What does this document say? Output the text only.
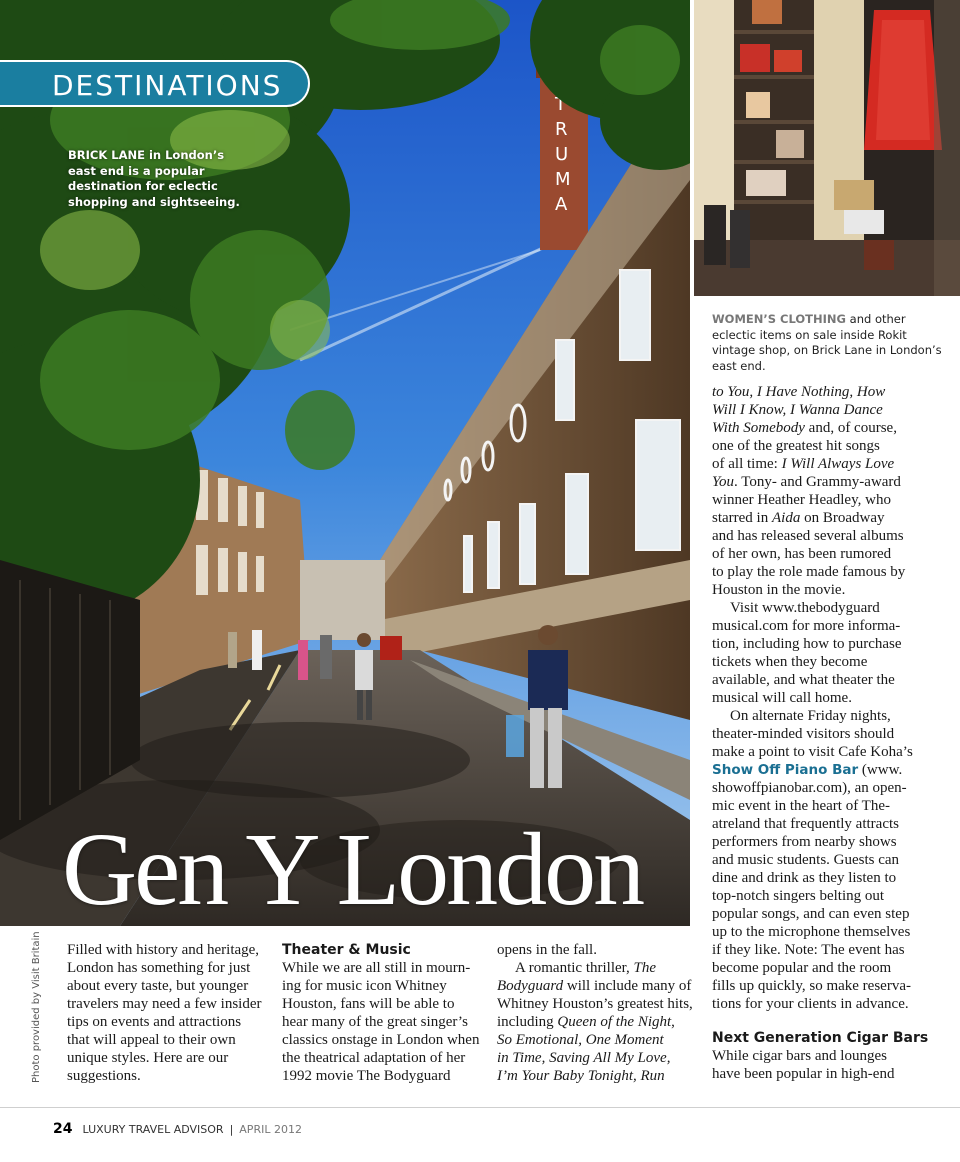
T
R
U
M
A
DESTINATIONS
BRICK LANE in London’s east end is a popular destination for eclectic shopping and sightseeing.
Gen Y London
WOMEN’S CLOTHING and other eclectic items on sale inside Rokit vintage shop, on Brick Lane in London’s east end.

Filled with history and heritage,
London has something for just
about every taste, but younger
travelers may need a few insider
tips on events and attractions
that will appeal to their own
unique styles. Here are our
suggestions.

Theater & Music

While we are all still in mourn-
ing for music icon Whitney
Houston, fans will be able to
hear many of the great singer’s
classics onstage in London when
the theatrical adaptation of her
1992 movie The Bodyguard

opens in the fall.
A romantic thriller, The
Bodyguard will include many of
Whitney Houston’s greatest hits,
including Queen of the Night,
So Emotional, One Moment
in Time, Saving All My Love,
I’m Your Baby Tonight, Run

to You, I Have Nothing, How
Will I Know, I Wanna Dance
With Somebody and, of course,
one of the greatest hit songs
of all time: I Will Always Love
You. Tony- and Grammy-award
winner Heather Headley, who
starred in Aida on Broadway
and has released several albums
of her own, has been rumored
to play the role made famous by
Houston in the movie.

Visit www.thebodyguard
musical.com for more informa-
tion, including how to purchase
tickets when they become
available, and what theater the
musical will call home.

On alternate Friday nights,
theater-minded visitors should
make a point to visit Cafe Koha’s
Show Off Piano Bar (www.
showoffpianobar.com), an open-
mic event in the heart of The-
atreland that frequently attracts
performers from nearby shows
and music students. Guests can
dine and drink as they listen to
top-notch singers belting out
popular songs, and can even step
up to the microphone themselves
if they like. Note: The event has
become popular and the room
fills up quickly, so make reserva-
tions for your clients in advance.

Next Generation Cigar Bars

While cigar bars and lounges
have been popular in high-end

Photo provided by Visit Britain
24 LUXURY TRAVEL ADVISOR | APRIL 2012
